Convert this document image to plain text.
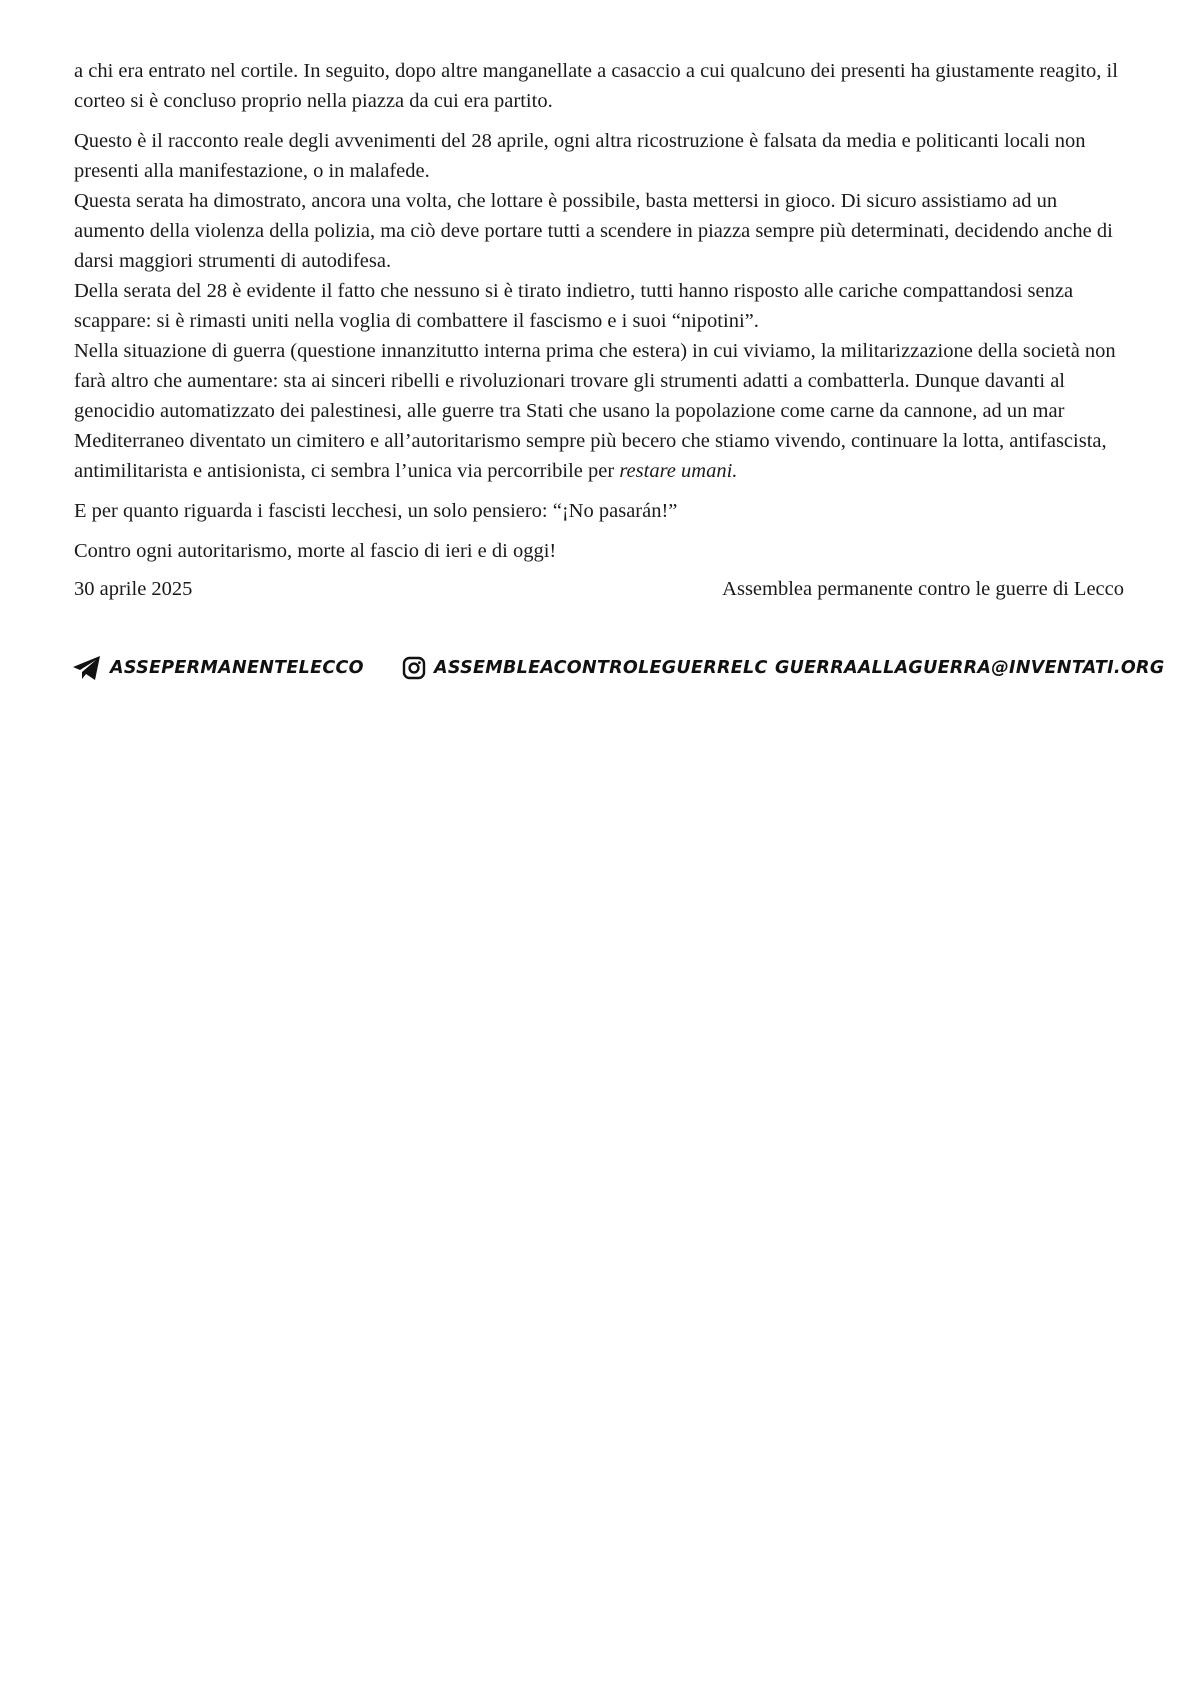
a chi era entrato nel cortile. In seguito, dopo altre manganellate a casaccio a cui qualcuno dei presenti ha giustamente reagito, il corteo si è concluso proprio nella piazza da cui era partito.

Questo è il racconto reale degli avvenimenti del 28 aprile, ogni altra ricostruzione è falsata da media e politicanti locali non presenti alla manifestazione, o in malafede.

Questa serata ha dimostrato, ancora una volta, che lottare è possibile, basta mettersi in gioco. Di sicuro assistiamo ad un aumento della violenza della polizia, ma ciò deve portare tutti a scendere in piazza sempre più determinati, decidendo anche di darsi maggiori strumenti di autodifesa.

Della serata del 28 è evidente il fatto che nessuno si è tirato indietro, tutti hanno risposto alle cariche compattandosi senza scappare: si è rimasti uniti nella voglia di combattere il fascismo e i suoi “nipotini”.

Nella situazione di guerra (questione innanzitutto interna prima che estera) in cui viviamo, la militarizzazione della società non farà altro che aumentare: sta ai sinceri ribelli e rivoluzionari trovare gli strumenti adatti a combatterla. Dunque davanti al genocidio automatizzato dei palestinesi, alle guerre tra Stati che usano la popolazione come carne da cannone, ad un mar Mediterraneo diventato un cimitero e all’autoritarismo sempre più becero che stiamo vivendo, continuare la lotta, antifascista, antimilitarista e antisionista, ci sembra l’unica via percorribile per restare umani.

E per quanto riguarda i fascisti lecchesi, un solo pensiero: “¡No pasarán!”

Contro ogni autoritarismo, morte al fascio di ieri e di oggi!

30 aprile 2025	Assemblea permanente contro le guerre di Lecco
ASSEPERMANENTELECCO	ASSEMBLEACONTROLEGUERRELC GUERRAALLAGUERRA@INVENTATI.ORG
